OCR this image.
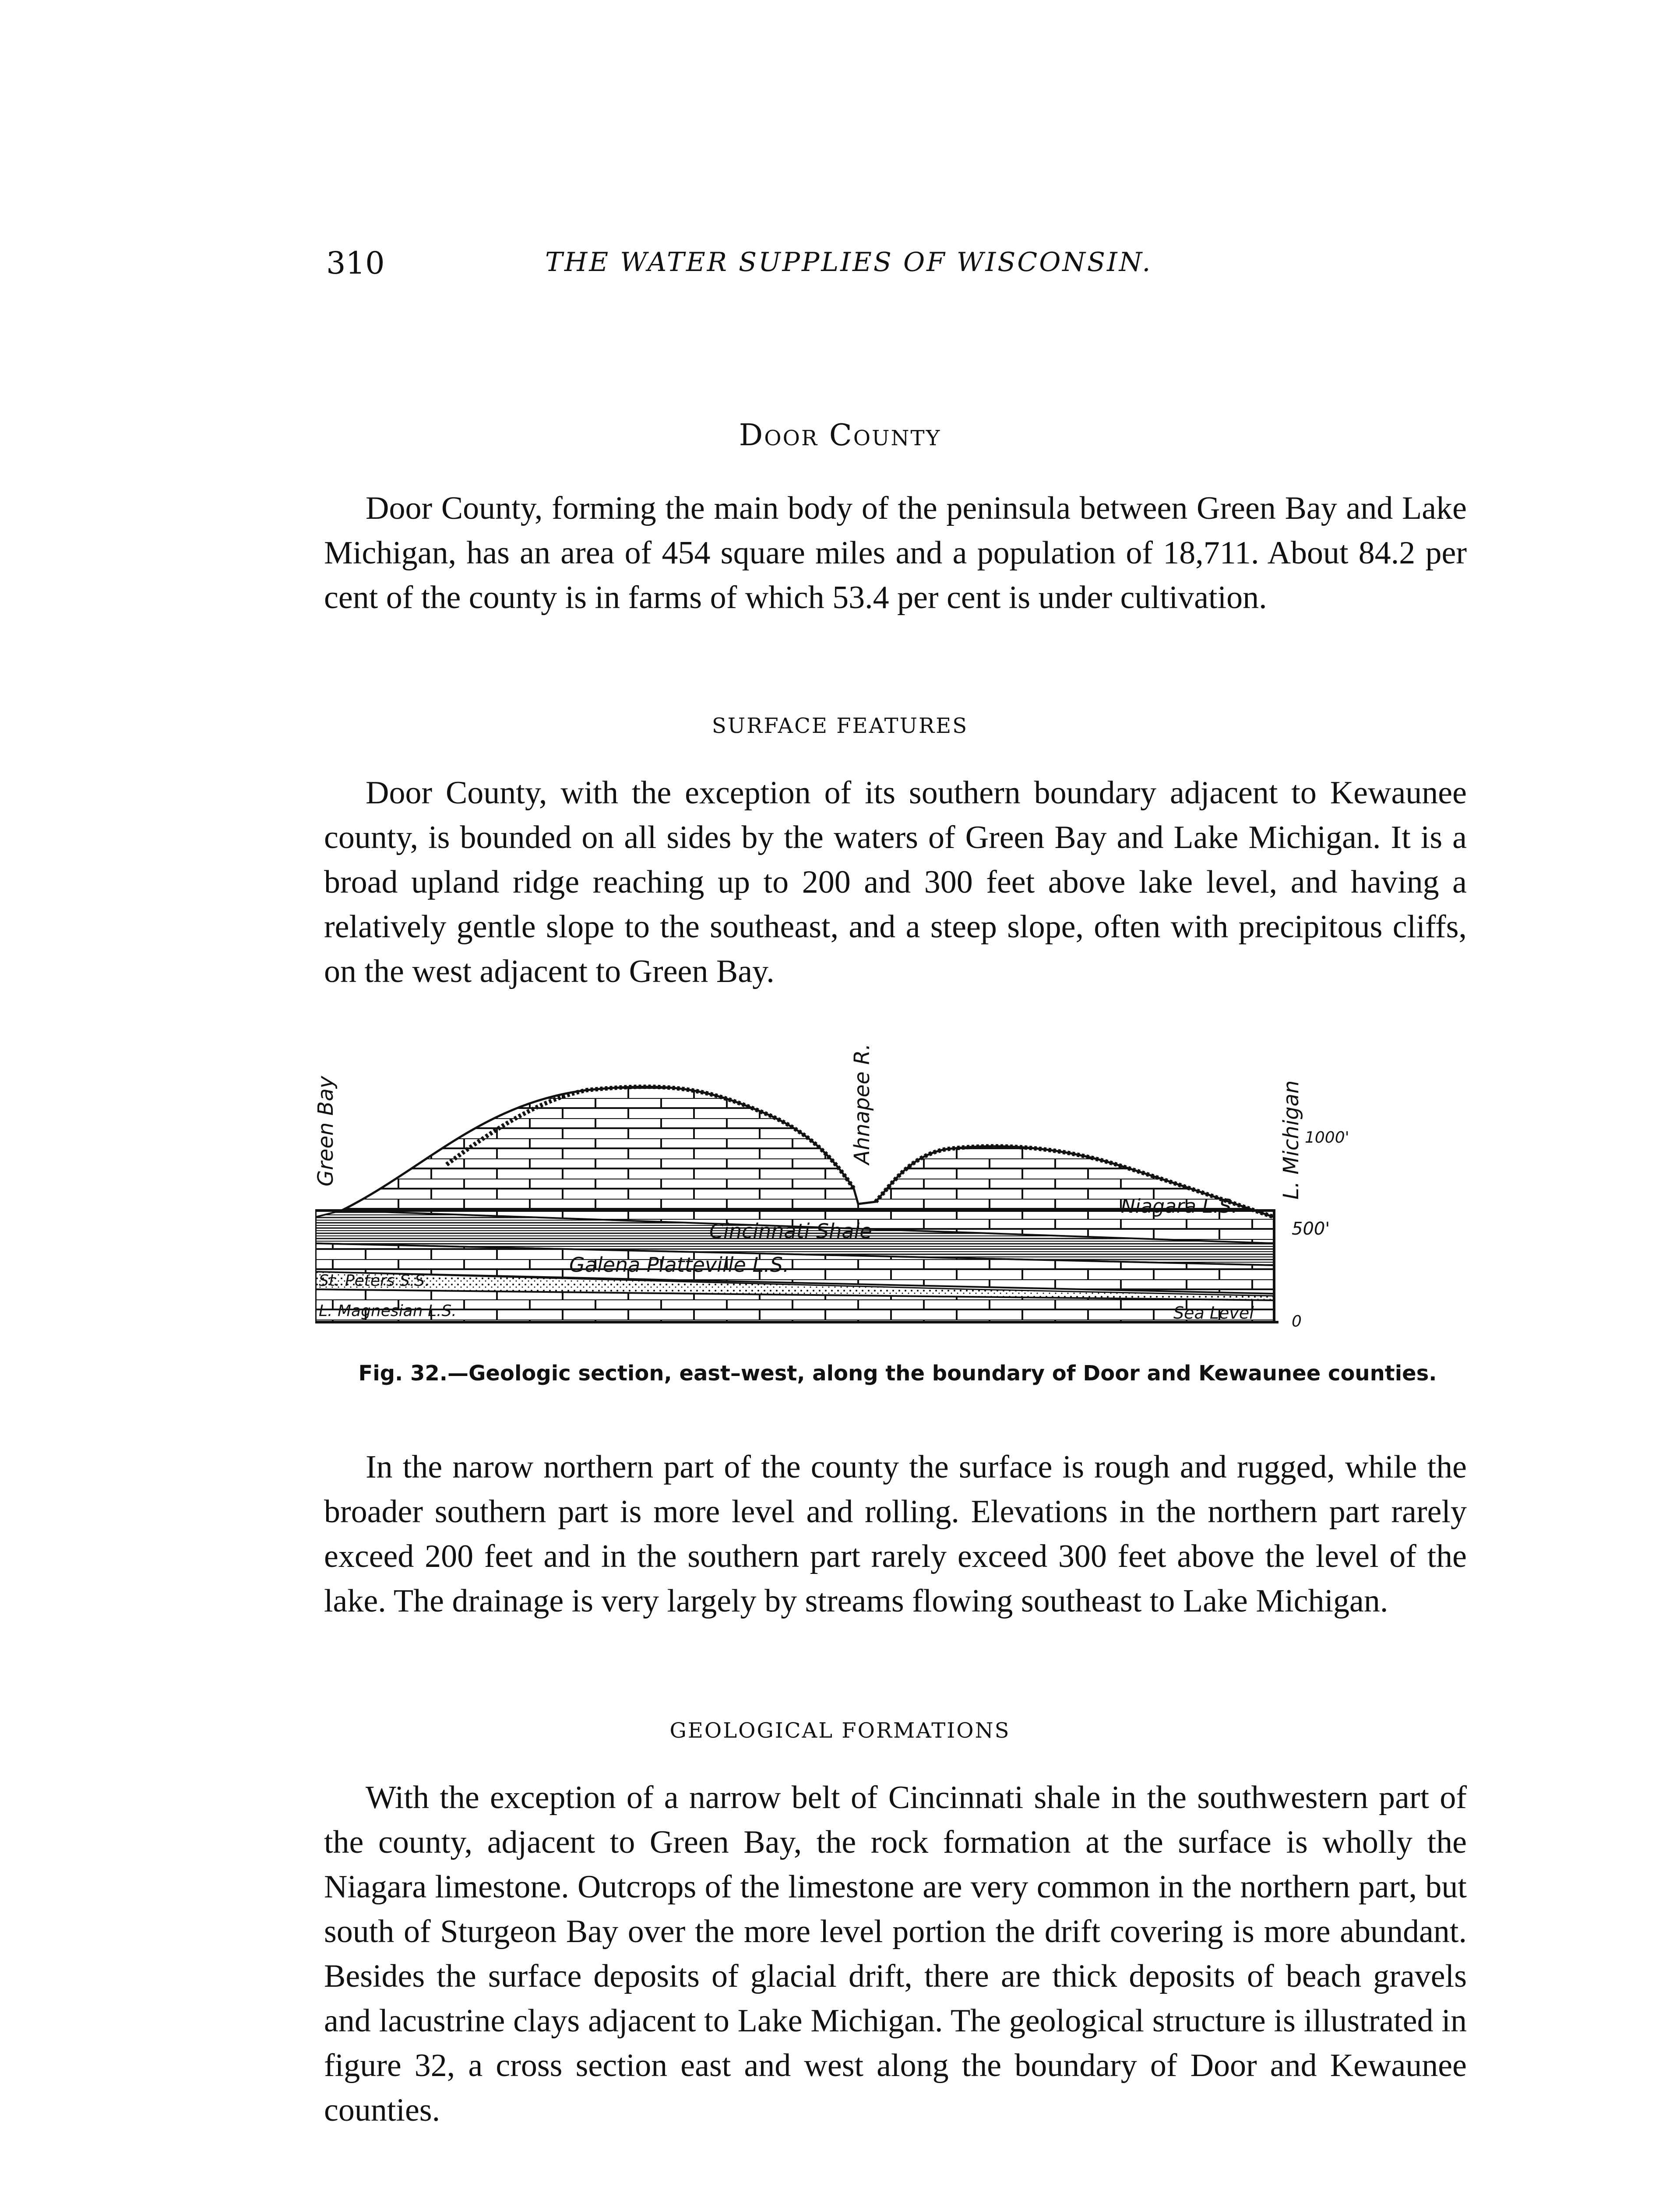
310	THE WATER SUPPLIES OF WISCONSIN.
Door County

Door County, forming the main body of the peninsula between Green Bay and Lake Michigan, has an area of 454 square miles and a population of 18,711. About 84.2 per cent of the county is in farms of which 53.4 per cent is under cultivation.

SURFACE FEATURES

Door County, with the exception of its southern boundary adjacent to Kewaunee county, is bounded on all sides by the waters of Green Bay and Lake Michigan. It is a broad upland ridge reaching up to 200 and 300 feet above lake level, and having a relatively gentle slope to the southeast, and a steep slope, often with precipitous cliffs, on the west adjacent to Green Bay.

Green Bay	Ahnapee R.	L. Michigan 1000'
500'
0
Niagara L.S.
Cincinnati Shale
Galena Platteville L.S.
St. Peters S.S.
L. Magnesian L.S.	Sea Level
Fig. 32.—Geologic section, east–west, along the boundary of Door and Kewaunee counties.

In the narow northern part of the county the surface is rough and rugged, while the broader southern part is more level and rolling. Elevations in the northern part rarely exceed 200 feet and in the southern part rarely exceed 300 feet above the level of the lake. The drainage is very largely by streams flowing southeast to Lake Michigan.

GEOLOGICAL FORMATIONS

With the exception of a narrow belt of Cincinnati shale in the southwestern part of the county, adjacent to Green Bay, the rock formation at the surface is wholly the Niagara limestone. Outcrops of the limestone are very common in the northern part, but south of Sturgeon Bay over the more level portion the drift covering is more abundant. Besides the surface deposits of glacial drift, there are thick deposits of beach gravels and lacustrine clays adjacent to Lake Michigan. The geological structure is illustrated in figure 32, a cross section east and west along the boundary of Door and Kewaunee counties.
